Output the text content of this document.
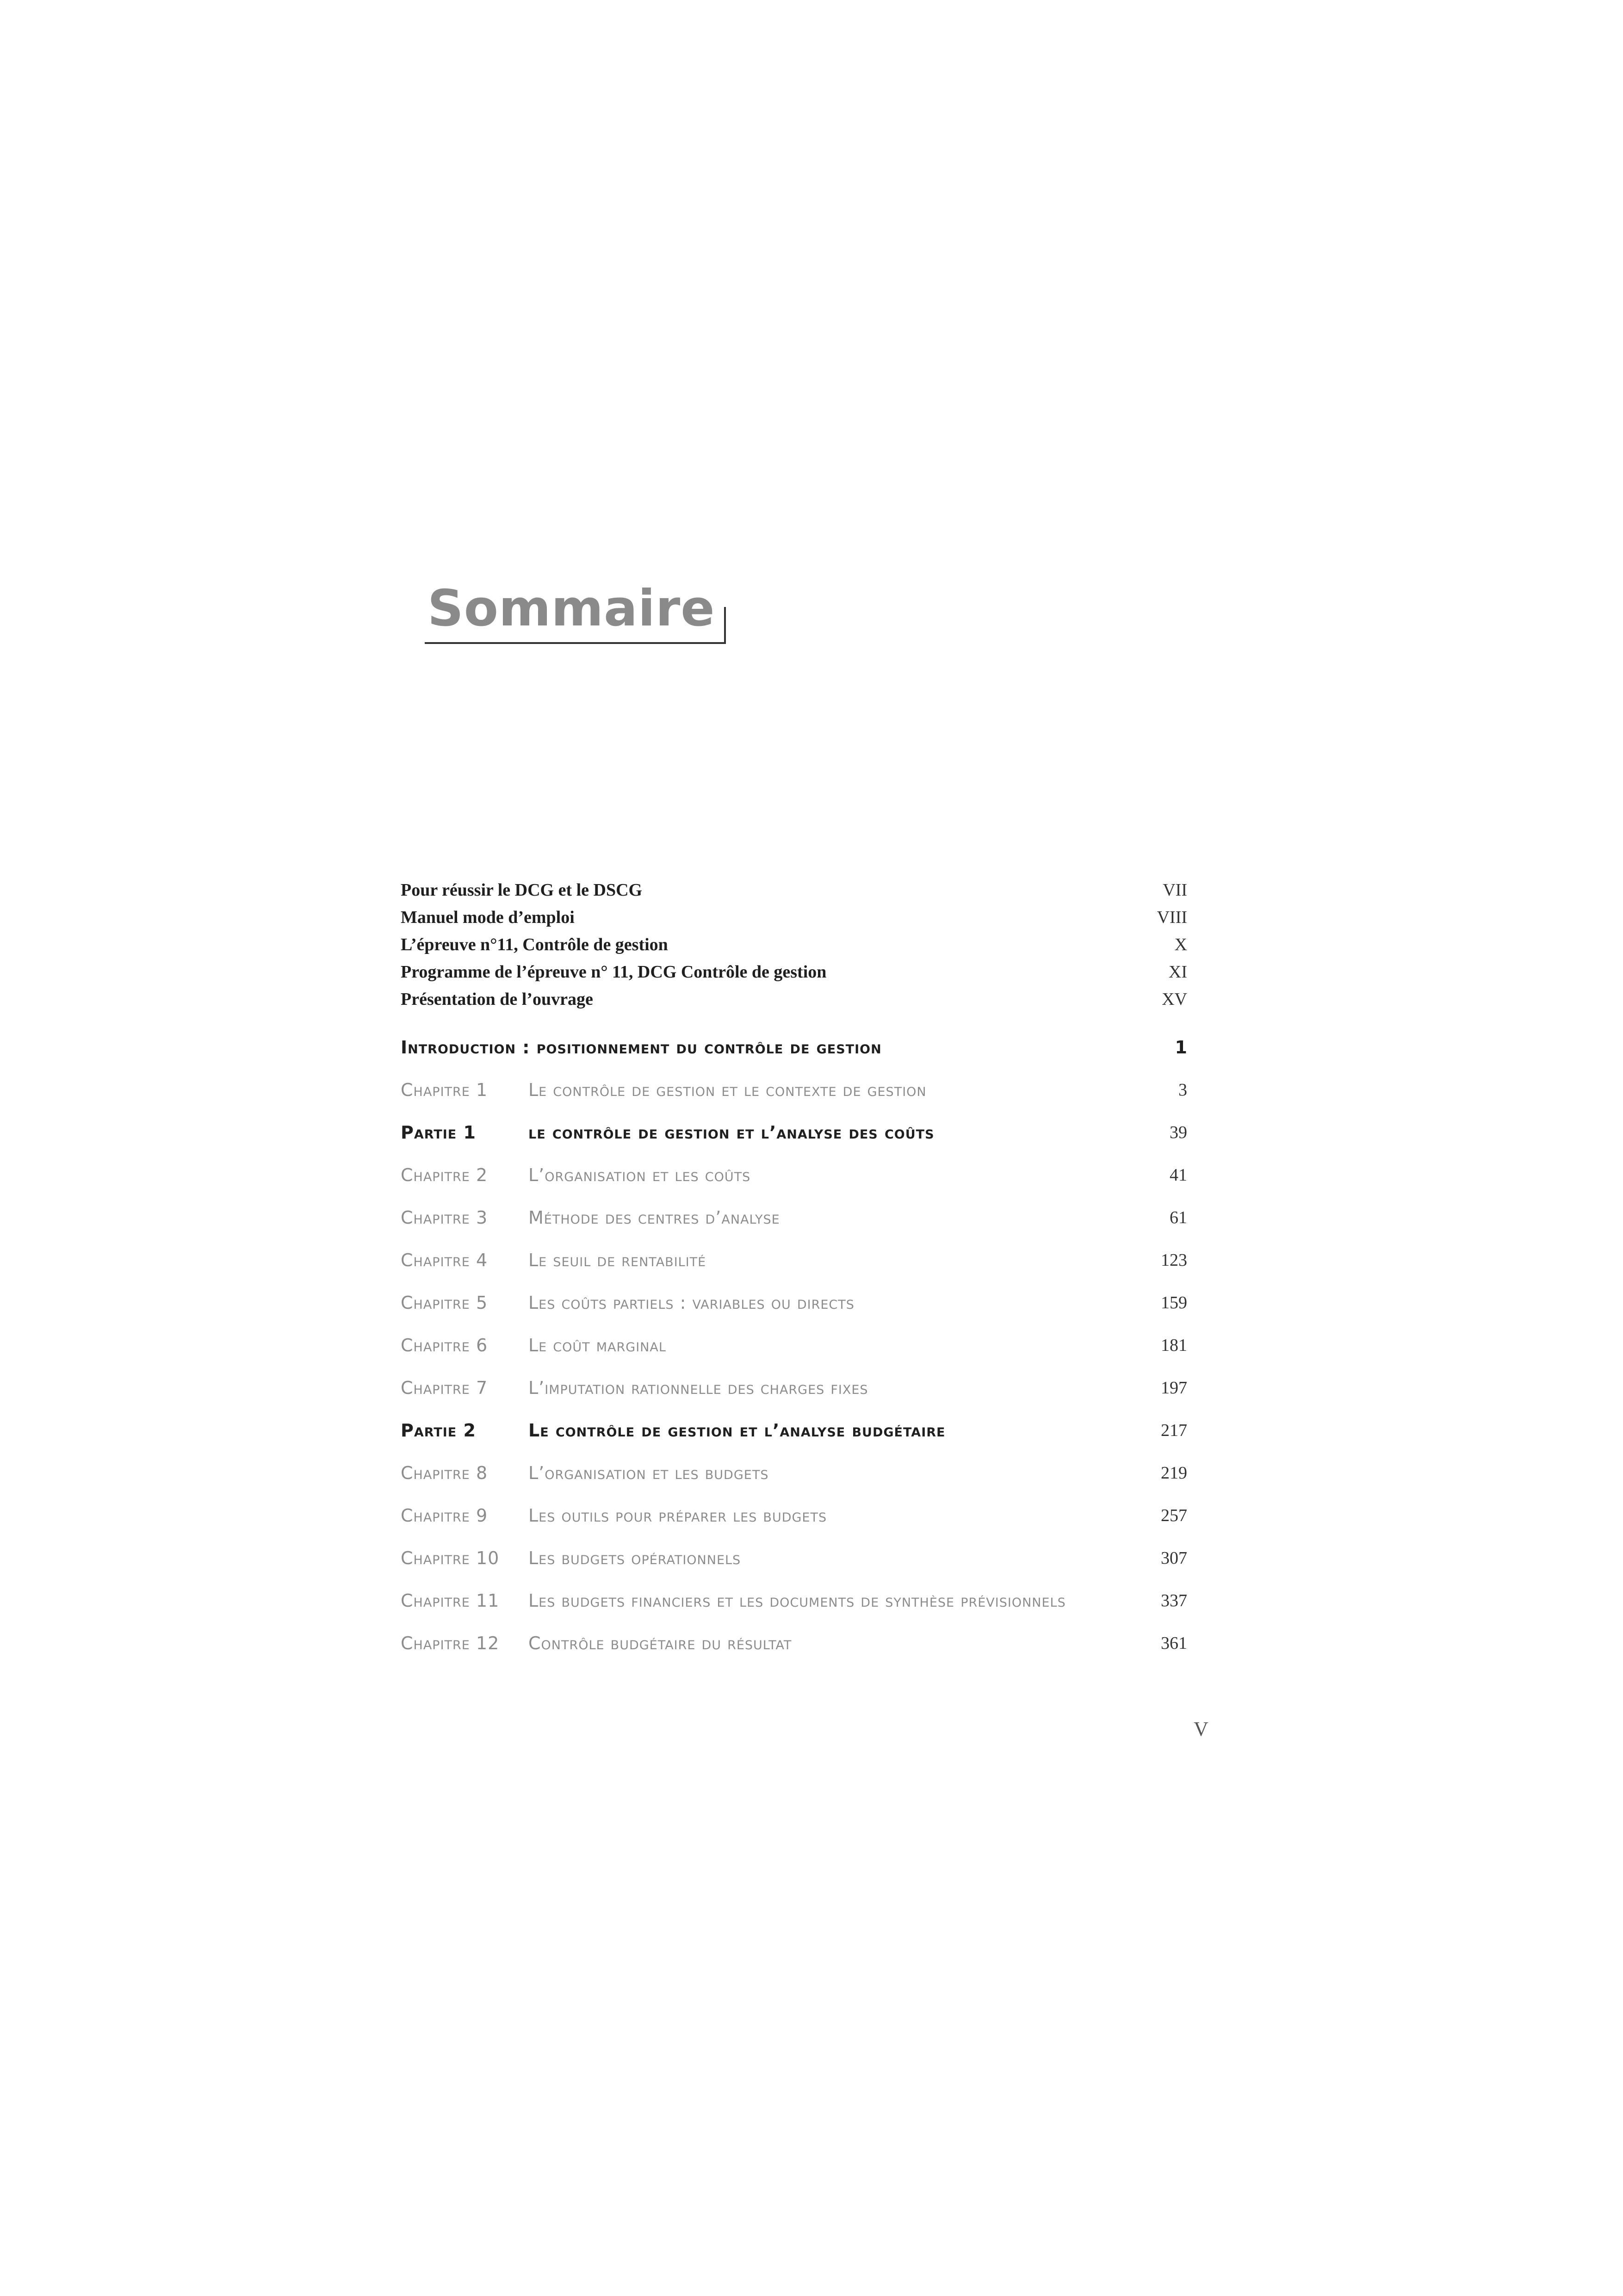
Sommaire
Pour réussir le DCG et le DSCG	VII
Manuel mode d’emploi	VIII
L’épreuve n°11, Contrôle de gestion	X
Programme de l’épreuve n° 11, DCG Contrôle de gestion	XI
Présentation de l’ouvrage	XV
Introduction : positionnement du contrôle de gestion	1
Chapitre 1 Le contrôle de gestion et le contexte de gestion	3
Partie 1	le contrôle de gestion et l’analyse des coûts	39
Chapitre 2 L’organisation et les coûts	41
Chapitre 3 Méthode des centres d’analyse	61
Chapitre 4 Le seuil de rentabilité	123
Chapitre 5 Les coûts partiels : variables ou directs	159
Chapitre 6 Le coût marginal	181
Chapitre 7 L’imputation rationnelle des charges fixes	197
Partie 2	Le contrôle de gestion et l’analyse budgétaire	217
Chapitre 8 L’organisation et les budgets	219
Chapitre 9 Les outils pour préparer les budgets	257
Chapitre 10 Les budgets opérationnels	307
Chapitre 11 Les budgets financiers et les documents de synthèse prévisionnels	337
Chapitre 12 Contrôle budgétaire du résultat	361
V
